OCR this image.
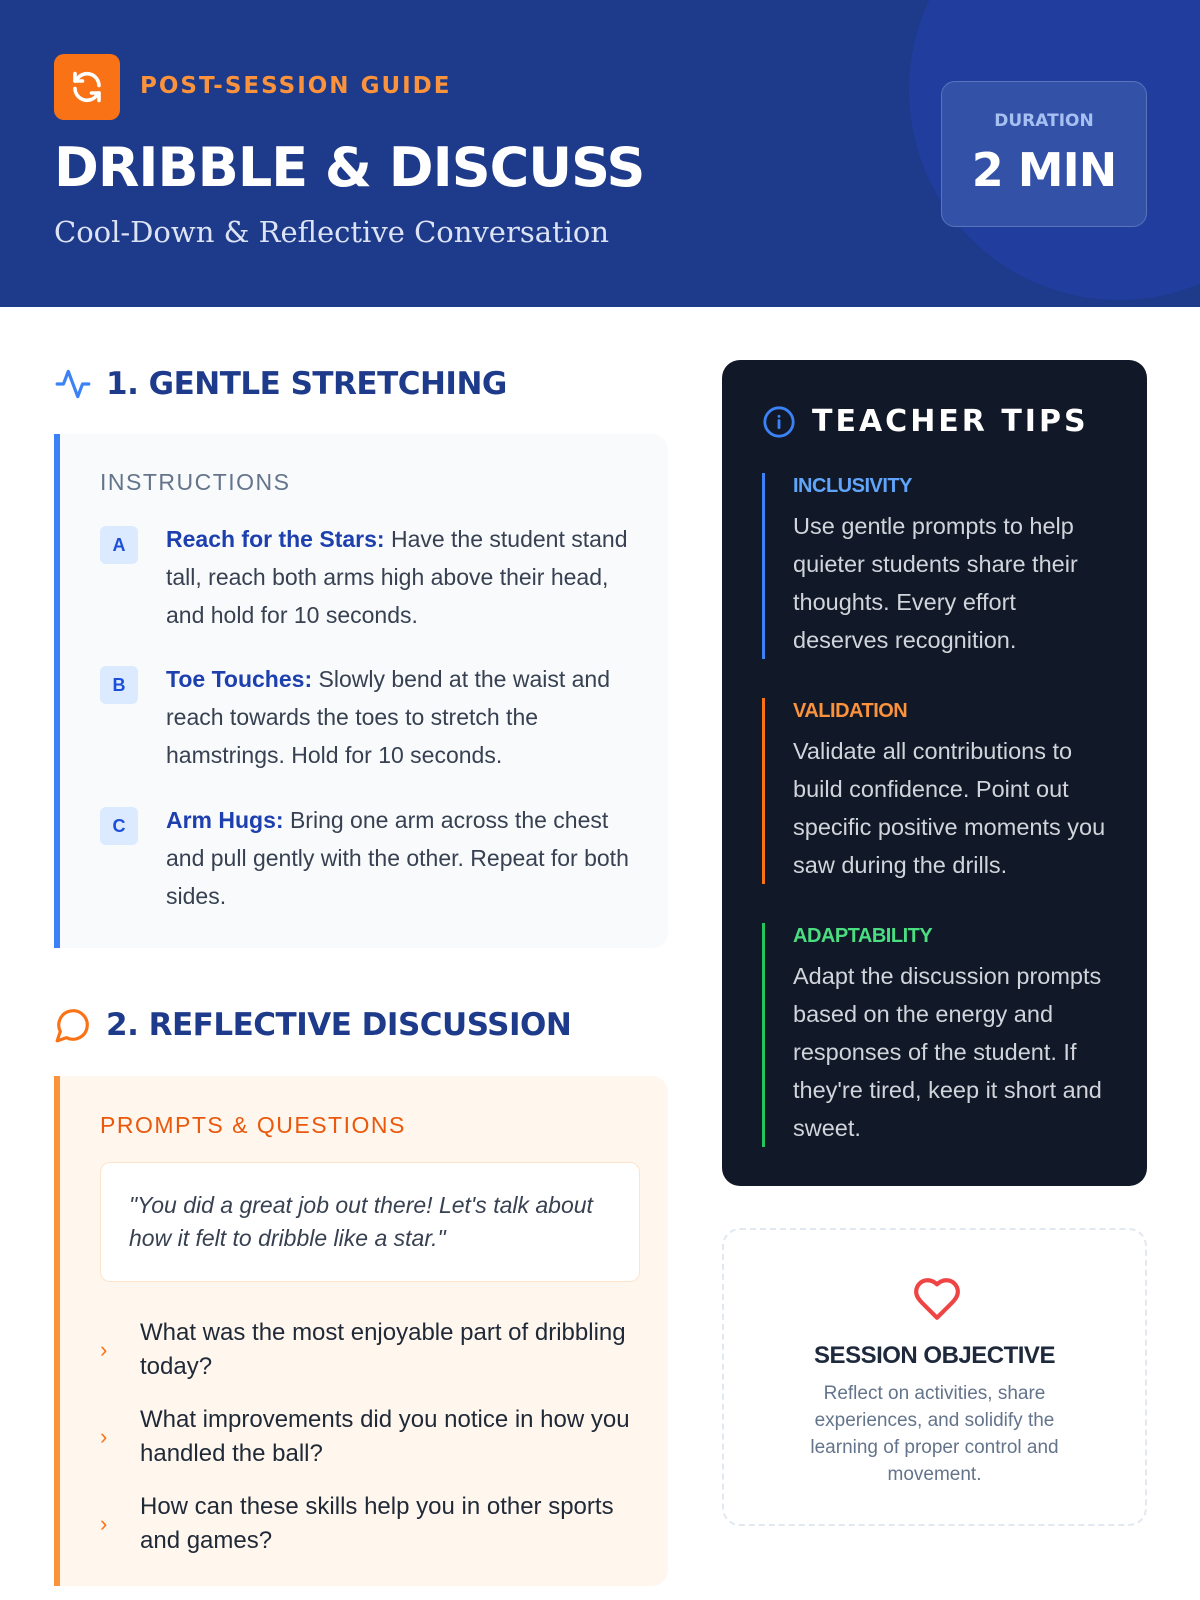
POST-SESSION GUIDE
DRIBBLE & DISCUSS
Cool-Down & Reflective Conversation
DURATION
2 MIN
1. GENTLE STRETCHING
INSTRUCTIONS
A	Reach for the Stars: Have the student stand tall, reach both arms high above their head, and hold for 10 seconds.
B	Toe Touches: Slowly bend at the waist and reach towards the toes to stretch the hamstrings. Hold for 10 seconds.
C	Arm Hugs: Bring one arm across the chest and pull gently with the other. Repeat for both sides.
2. REFLECTIVE DISCUSSION
PROMPTS & QUESTIONS
"You did a great job out there! Let's talk about how it felt to dribble like a star."
›
What was the most enjoyable part of dribbling today?
›
What improvements did you notice in how you handled the ball?
›
How can these skills help you in other sports and games?
TEACHER TIPS
INCLUSIVITY
Use gentle prompts to help quieter students share their thoughts. Every effort deserves recognition.
VALIDATION
Validate all contributions to build confidence. Point out specific positive moments you saw during the drills.
ADAPTABILITY
Adapt the discussion prompts based on the energy and responses of the student. If they're tired, keep it short and sweet.
SESSION OBJECTIVE
Reflect on activities, share experiences, and solidify the learning of proper control and movement.
